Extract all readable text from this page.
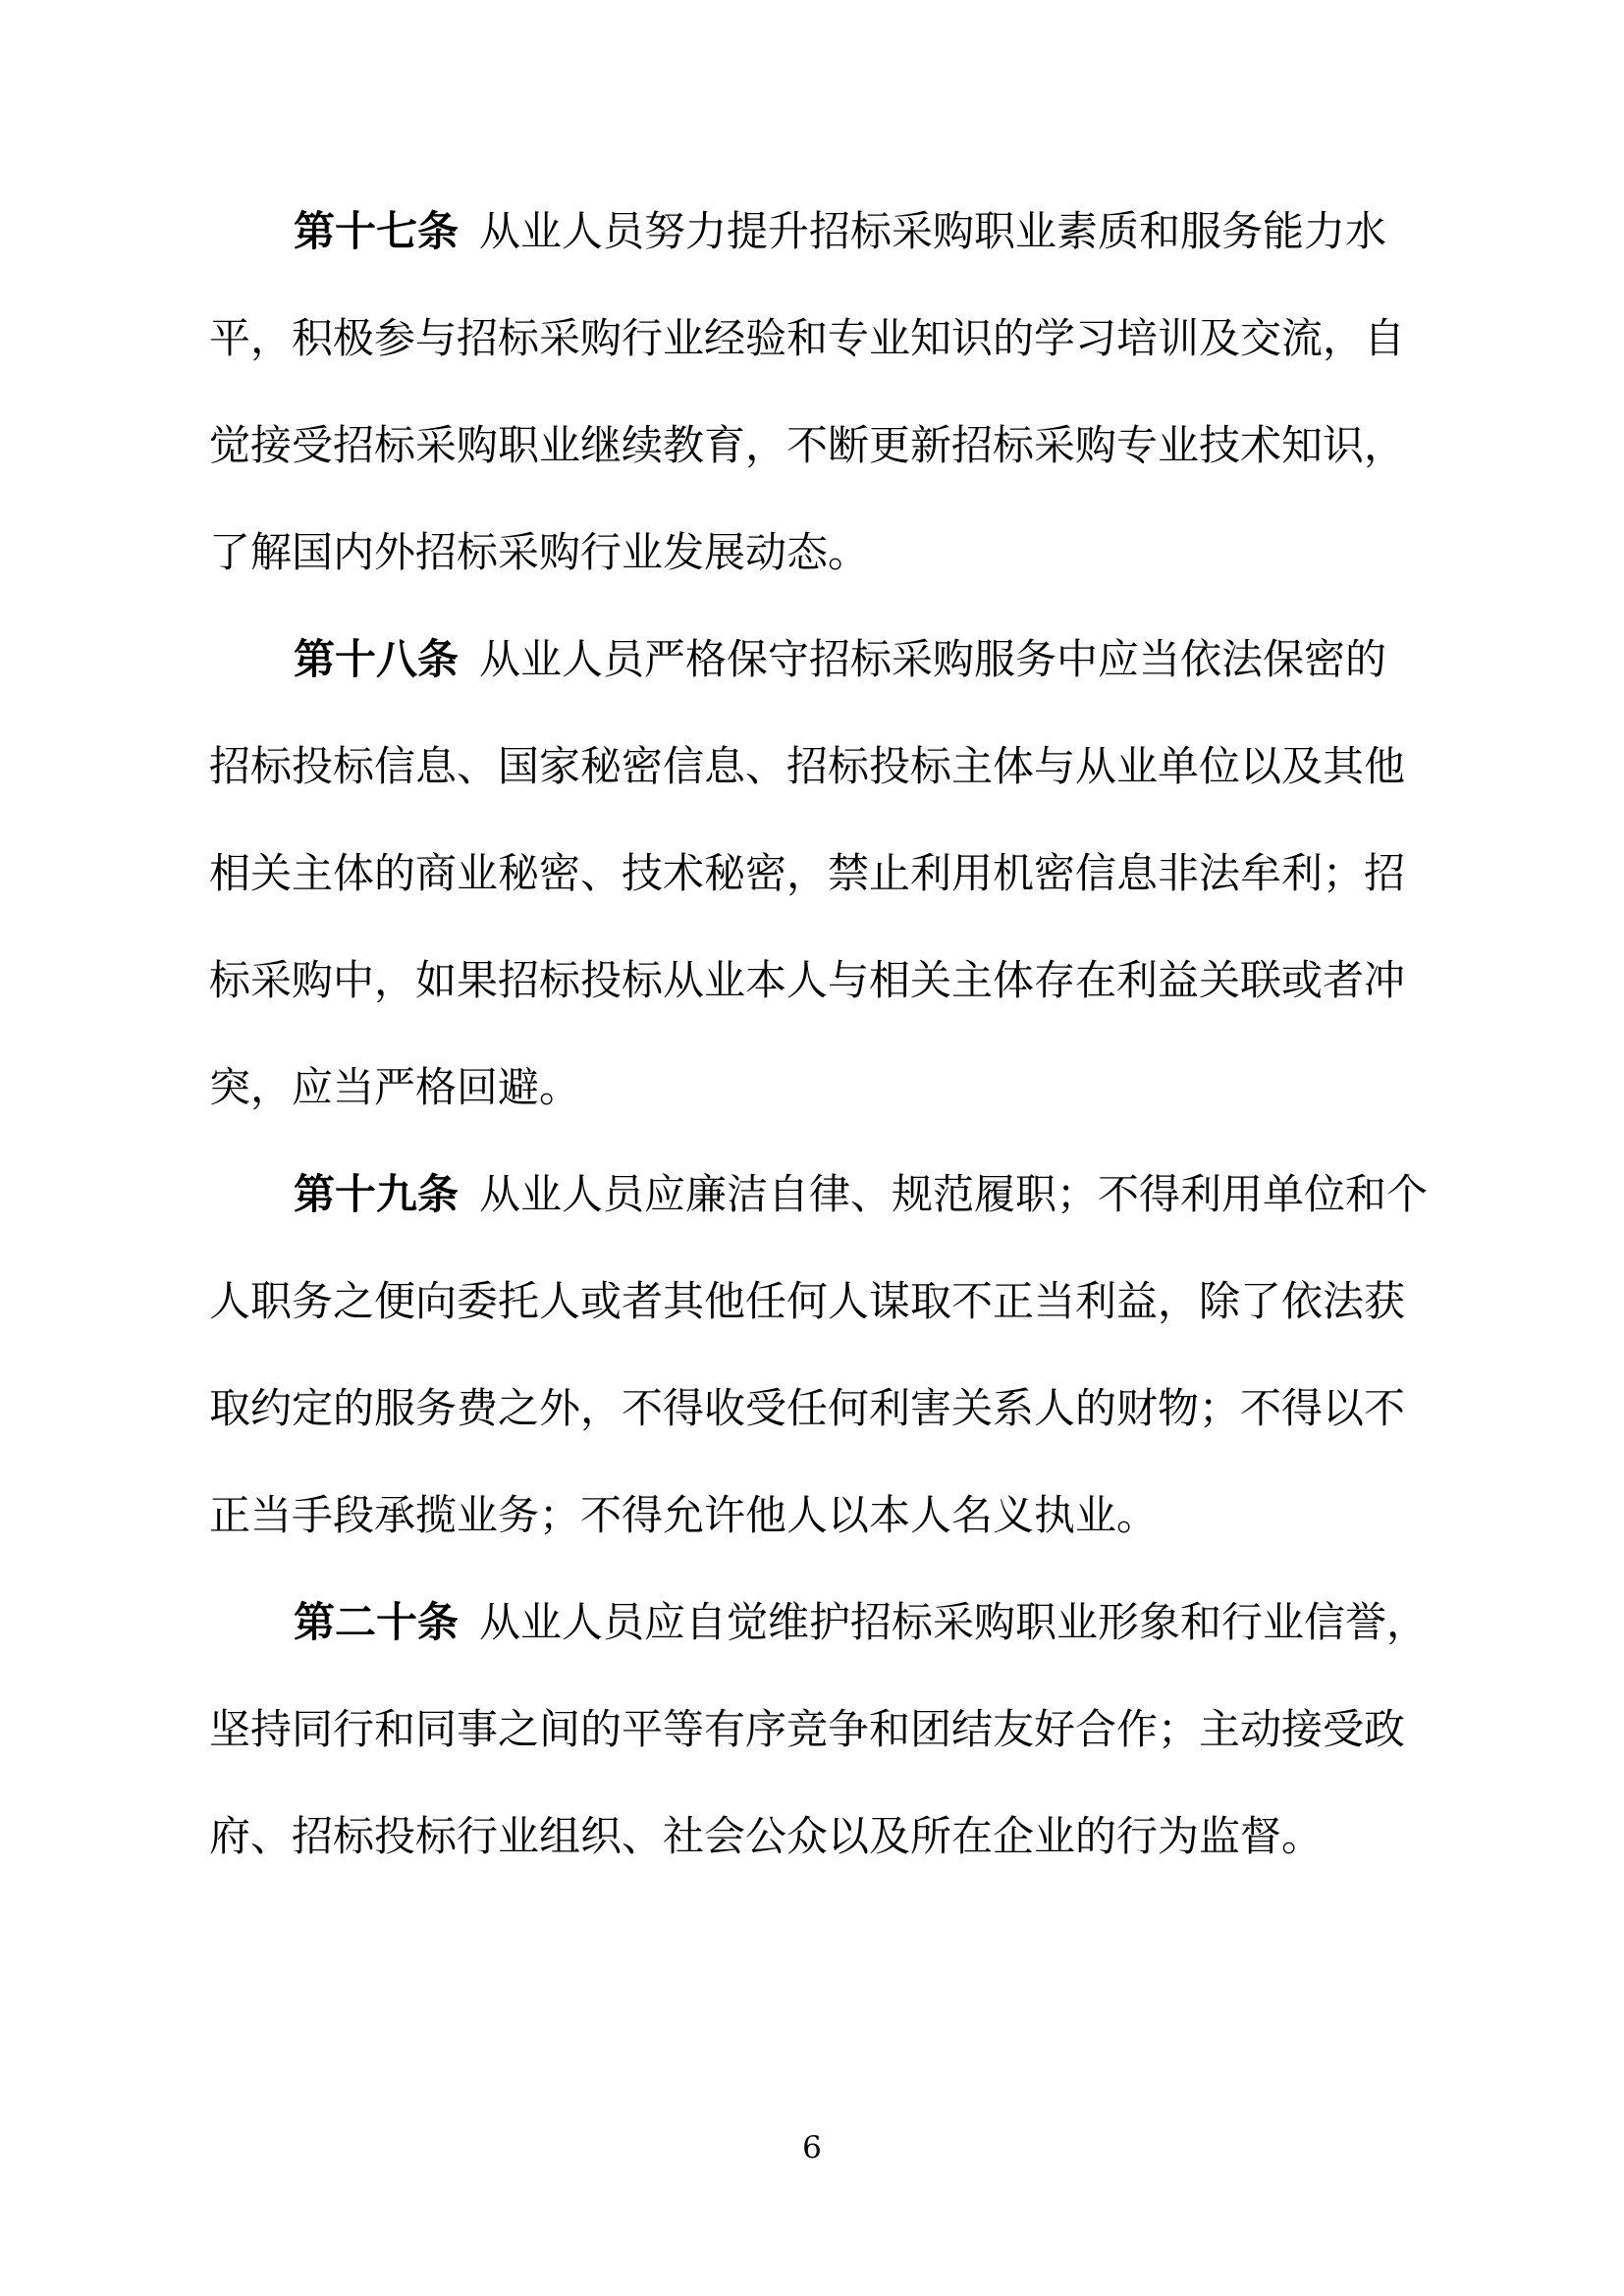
第十七条 从业人员努力提升招标采购职业素质和服务能力水
平，积极参与招标采购行业经验和专业知识的学习培训及交流，自
觉接受招标采购职业继续教育，不断更新招标采购专业技术知识，
了解国内外招标采购行业发展动态。
第十八条 从业人员严格保守招标采购服务中应当依法保密的
招标投标信息、国家秘密信息、招标投标主体与从业单位以及其他
相关主体的商业秘密、技术秘密，禁止利用机密信息非法牟利；招
标采购中，如果招标投标从业本人与相关主体存在利益关联或者冲
突，应当严格回避。
第十九条 从业人员应廉洁自律、规范履职；不得利用单位和个
人职务之便向委托人或者其他任何人谋取不正当利益，除了依法获
取约定的服务费之外，不得收受任何利害关系人的财物；不得以不
正当手段承揽业务；不得允许他人以本人名义执业。
第二十条 从业人员应自觉维护招标采购职业形象和行业信誉，
坚持同行和同事之间的平等有序竞争和团结友好合作；主动接受政
府、招标投标行业组织、社会公众以及所在企业的行为监督。
6
